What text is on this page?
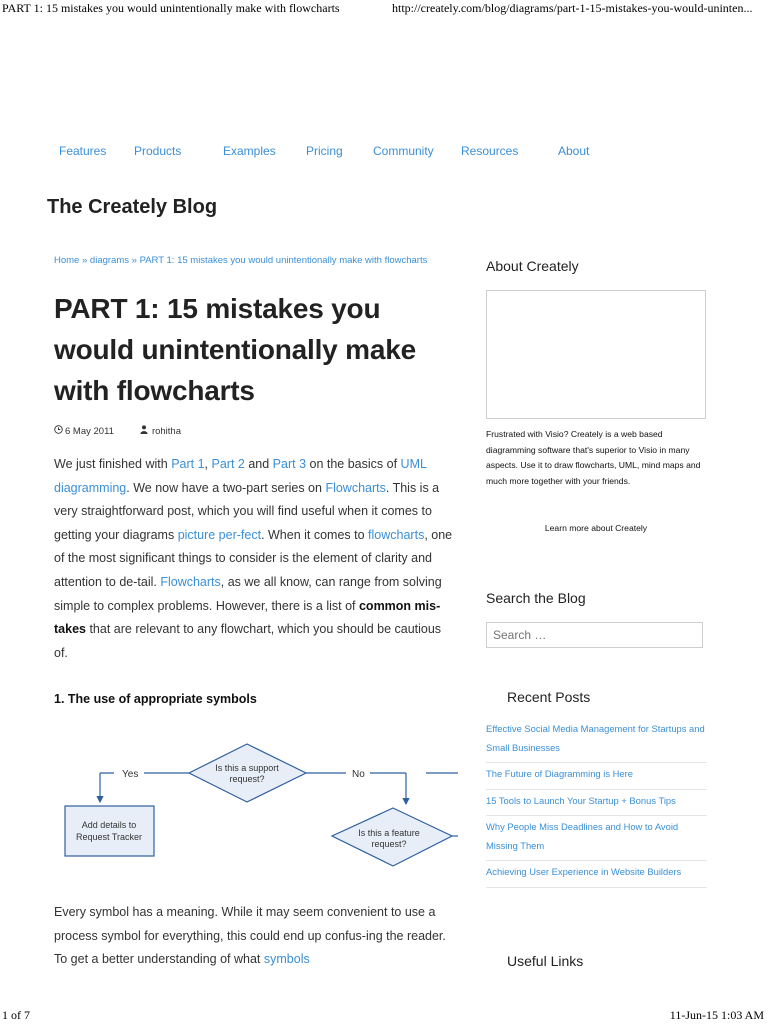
PART 1: 15 mistakes you would unintentionally make with flowcharts	http://creately.com/blog/diagrams/part-1-15-mistakes-you-would-uninten...
Features Products	Examples	Pricing	Community Resources	About
The Creately Blog
Home » diagrams » PART 1: 15 mistakes you would unintentionally make with flowcharts
PART 1: 15 mistakes you would unintentionally make with flowcharts
6 May 2011	rohitha

We just finished with Part 1, Part 2 and Part 3 on the basics of UML diagramming. We now have a two-part series on Flowcharts. This is a very straightforward post, which you will find useful when it comes to getting your diagrams picture per-fect. When it comes to flowcharts, one of the most significant things to consider is the element of clarity and attention to de-tail. Flowcharts, as we all know, can range from solving simple to complex problems. However, there is a list of common mis-takes that are relevant to any flowchart, which you should be cautious of.

1. The use of appropriate symbols
Yes	No
Is this a support
request?
Add details to
Request Tracker	Is this a feature
request?

Every symbol has a meaning. While it may seem convenient to use a process symbol for everything, this could end up confus-ing the reader. To get a better understanding of what symbols

About Creately
Frustrated with Visio? Creately is a web based diagramming software that's superior to Visio in many aspects. Use it to draw flowcharts, UML, mind maps and much more together with your friends.
Learn more about Creately
Search the Blog
Search …
Recent Posts
Effective Social Media Management for Startups and Small Businesses
The Future of Diagramming is Here
15 Tools to Launch Your Startup + Bonus Tips
Why People Miss Deadlines and How to Avoid Missing Them
Achieving User Experience in Website Builders
Useful Links
1 of 7	11-Jun-15 1:03 AM
